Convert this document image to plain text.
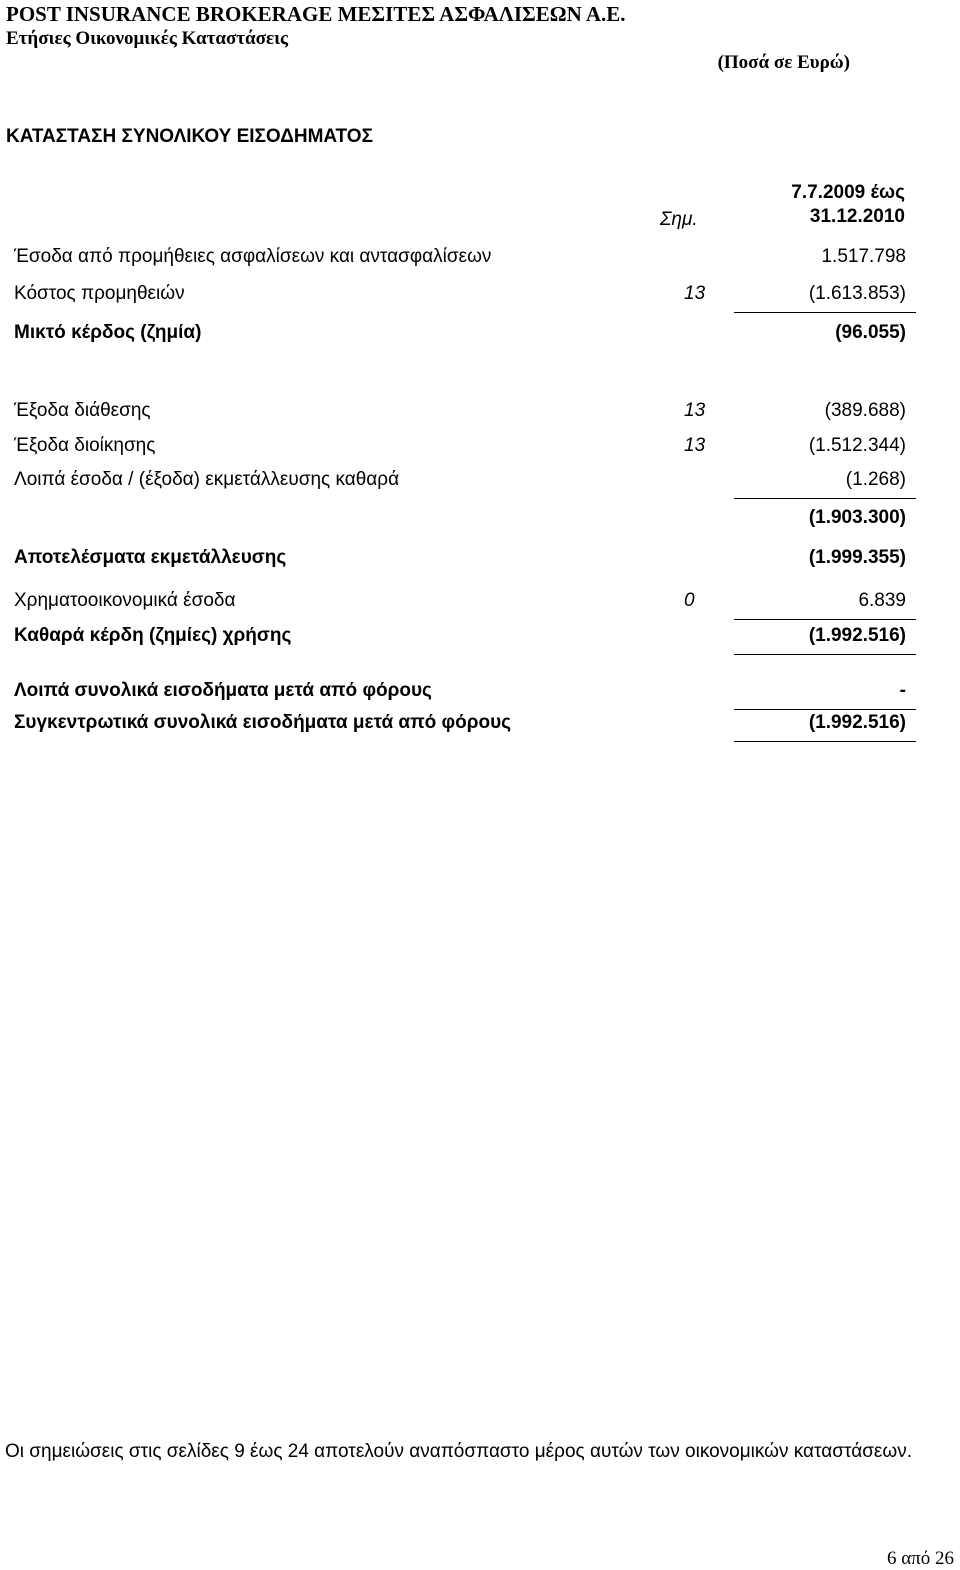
POST INSURANCE BROKERAGE ΜΕΣΙΤΕΣ ΑΣΦΑΛΙΣΕΩΝ Α.Ε.
Ετήσιες Οικονομικές Καταστάσεις
(Ποσά σε Ευρώ)
ΚΑΤΑΣΤΑΣΗ ΣΥΝΟΛΙΚΟΥ ΕΙΣΟΔΗΜΑΤΟΣ
7.7.2009 έως
31.12.2010
Σημ.
Έσοδα από προμήθειες ασφαλίσεων και αντασφαλίσεων	1.517.798
Κόστος προμηθειών	13	(1.613.853)
Μικτό κέρδος (ζημία)	(96.055)
Έξοδα διάθεσης	13	(389.688)
Έξοδα διοίκησης	13	(1.512.344)
Λοιπά έσοδα / (έξοδα) εκμετάλλευσης καθαρά	(1.268)
(1.903.300)
Αποτελέσματα εκμετάλλευσης	(1.999.355)
Χρηματοοικονομικά έσοδα	0	6.839
Καθαρά κέρδη (ζημίες) χρήσης	(1.992.516)
Λοιπά συνολικά εισοδήματα μετά από φόρους	-
Συγκεντρωτικά συνολικά εισοδήματα μετά από φόρους	(1.992.516)
Οι σημειώσεις στις σελίδες 9 έως 24 αποτελούν αναπόσπαστο μέρος αυτών των οικονομικών καταστάσεων.
6 από 26
